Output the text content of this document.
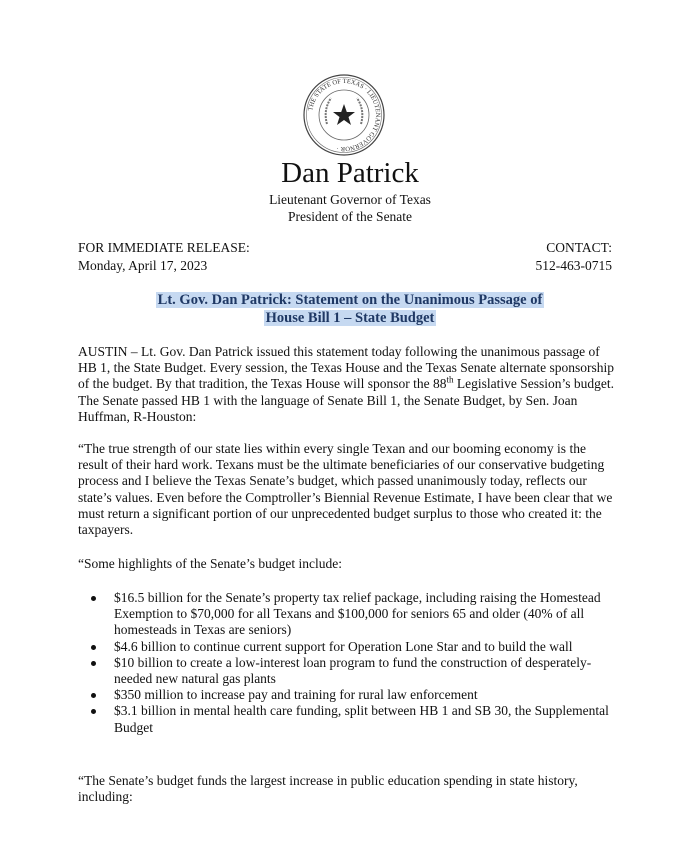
THE STATE OF TEXAS · LIEUTENANT GOVERNOR ·
Dan Patrick
Lieutenant Governor of Texas
President of the Senate
FOR IMMEDIATE RELEASE:
Monday, April 17, 2023
CONTACT:
512-463-0715
Lt. Gov. Dan Patrick: Statement on the Unanimous Passage of
House Bill 1 – State Budget

AUSTIN – Lt. Gov. Dan Patrick issued this statement today following the unanimous passage of HB 1, the State Budget. Every session, the Texas House and the Texas Senate alternate sponsorship of the budget. By that tradition, the Texas House will sponsor the 88th Legislative Session’s budget. The Senate passed HB 1 with the language of Senate Bill 1, the Senate Budget, by Sen. Joan Huffman, R-Houston:

“The true strength of our state lies within every single Texan and our booming economy is the result of their hard work. Texans must be the ultimate beneficiaries of our conservative budgeting process and I believe the Texas Senate’s budget, which passed unanimously today, reflects our state’s values. Even before the Comptroller’s Biennial Revenue Estimate, I have been clear that we must return a significant portion of our unprecedented budget surplus to those who created it: the taxpayers.

“Some highlights of the Senate’s budget include:

$16.5 billion for the Senate’s property tax relief package, including raising the Homestead Exemption to $70,000 for all Texans and $100,000 for seniors 65 and older (40% of all homesteads in Texas are seniors)
$4.6 billion to continue current support for Operation Lone Star and to build the wall
$10 billion to create a low-interest loan program to fund the construction of desperately-needed new natural gas plants
$350 million to increase pay and training for rural law enforcement
$3.1 billion in mental health care funding, split between HB 1 and SB 30, the Supplemental Budget

“The Senate’s budget funds the largest increase in public education spending in state history, including:
